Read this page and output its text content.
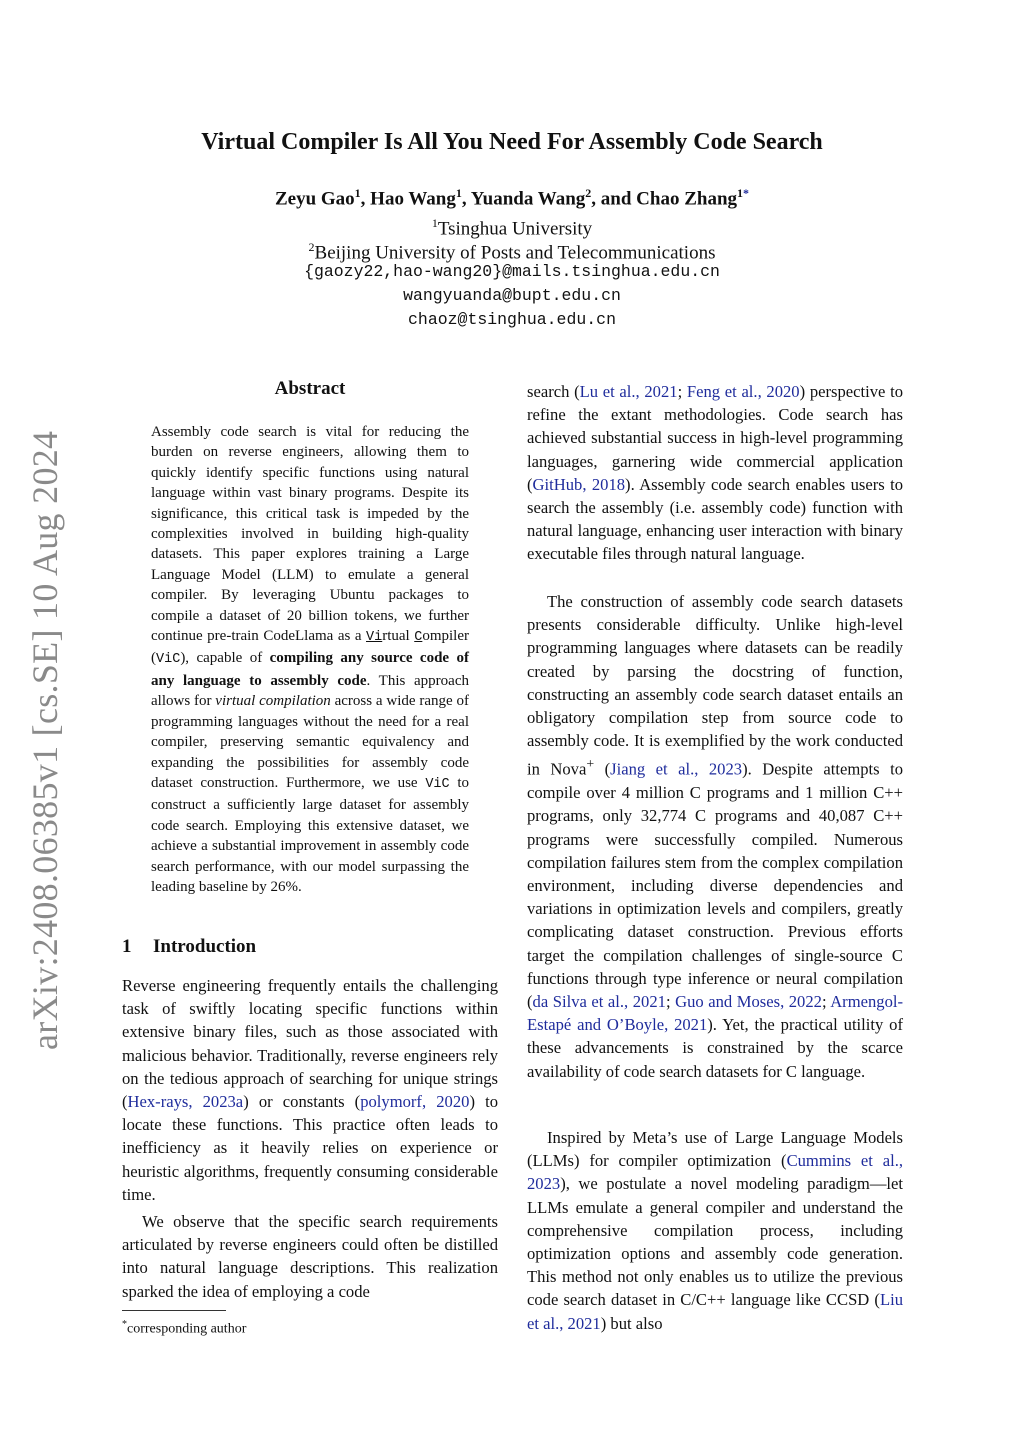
arXiv:2408.06385v1 [cs.SE] 10 Aug 2024
Virtual Compiler Is All You Need For Assembly Code Search
Zeyu Gao$^1$, Hao Wang$^1$, Yuanda Wang$^2$, and Chao Zhang$^{1*}$
$^1$Tsinghua University
$^2$Beijing University of Posts and Telecommunications
{gaozy22,hao-wang20}@mails.tsinghua.edu.cn
wangyuanda@bupt.edu.cn
chaoz@tsinghua.edu.cn
Abstract

Assembly code search is vital for reducing the burden on reverse engineers, allowing them to quickly identify specific functions using natural language within vast binary programs. Despite its significance, this critical task is impeded by the complexities involved in building high-quality datasets. This paper explores training a Large Language Model (LLM) to emulate a general compiler. By leveraging Ubuntu packages to compile a dataset of 20 billion tokens, we further continue pre-train CodeLlama as a Virtual Compiler (ViC), capable of compiling any source code of any language to assembly code. This approach allows for virtual compilation across a wide range of programming languages without the need for a real compiler, preserving semantic equivalency and expanding the possibilities for assembly code dataset construction. Furthermore, we use ViC to construct a sufficiently large dataset for assembly code search. Employing this extensive dataset, we achieve a substantial improvement in assembly code search performance, with our model surpassing the leading baseline by 26%.

1 Introduction

Reverse engineering frequently entails the challenging task of swiftly locating specific functions within extensive binary files, such as those associated with malicious behavior. Traditionally, reverse engineers rely on the tedious approach of searching for unique strings (Hex-rays, 2023a) or constants (polymorf, 2020) to locate these functions. This practice often leads to inefficiency as it heavily relies on experience or heuristic algorithms, frequently consuming considerable time.

We observe that the specific search requirements articulated by reverse engineers could often be distilled into natural language descriptions. This realization sparked the idea of employing a code

search (Lu et al., 2021; Feng et al., 2020) perspective to refine the extant methodologies. Code search has achieved substantial success in high-level programming languages, garnering wide commercial application (GitHub, 2018). Assembly code search enables users to search the assembly (i.e. assembly code) function with natural language, enhancing user interaction with binary executable files through natural language.

The construction of assembly code search datasets presents considerable difficulty. Unlike high-level programming languages where datasets can be readily created by parsing the docstring of function, constructing an assembly code search dataset entails an obligatory compilation step from source code to assembly code. It is exemplified by the work conducted in Nova+ (Jiang et al., 2023). Despite attempts to compile over 4 million C programs and 1 million C++ programs, only 32,774 C programs and 40,087 C++ programs were successfully compiled. Numerous compilation failures stem from the complex compilation environment, including diverse dependencies and variations in optimization levels and compilers, greatly complicating dataset construction. Previous efforts target the compilation challenges of single-source C functions through type inference or neural compilation (da Silva et al., 2021; Guo and Moses, 2022; Armengol-Estapé and O’Boyle, 2021). Yet, the practical utility of these advancements is constrained by the scarce availability of code search datasets for C language.

Inspired by Meta’s use of Large Language Models (LLMs) for compiler optimization (Cummins et al., 2023), we postulate a novel modeling paradigm—let LLMs emulate a general compiler and understand the comprehensive compilation process, including optimization options and assembly code generation. This method not only enables us to utilize the previous code search dataset in C/C++ language like CCSD (Liu et al., 2021) but also

*corresponding author
